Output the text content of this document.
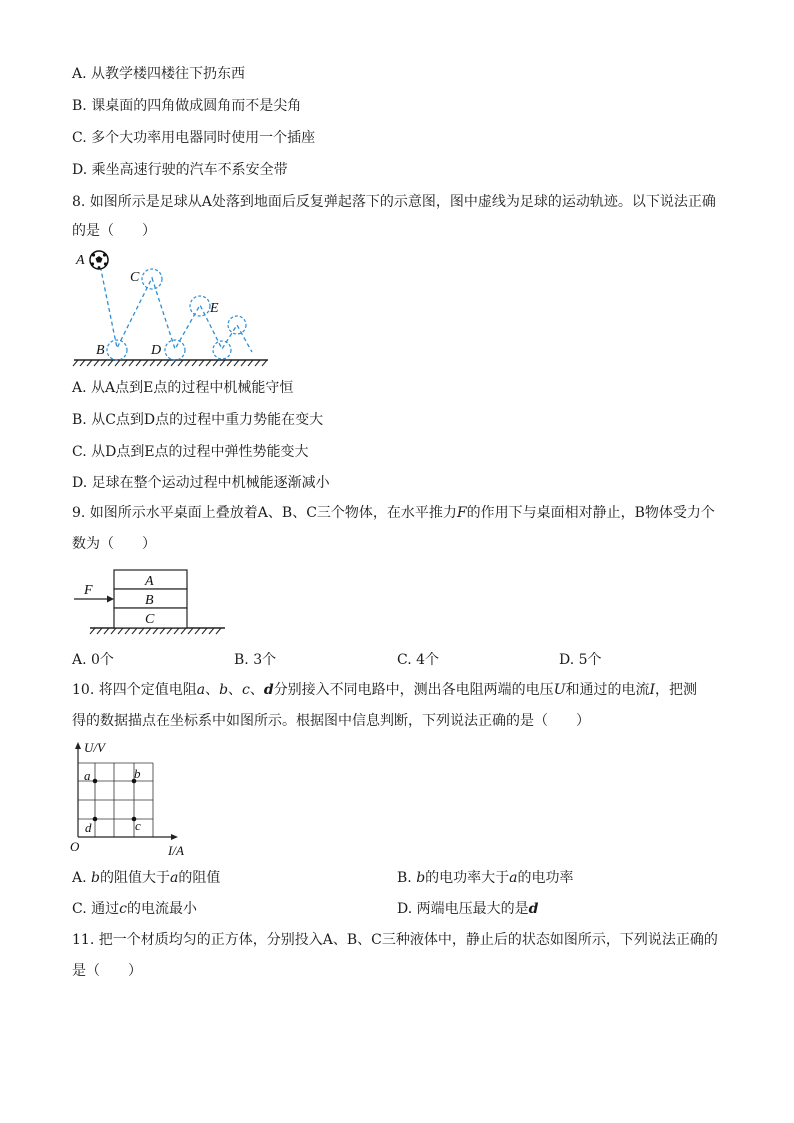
A. 从教学楼四楼往下扔东西
B. 课桌面的四角做成圆角而不是尖角
C. 多个大功率用电器同时使用一个插座
D. 乘坐高速行驶的汽车不系安全带
8. 如图所示是足球从A处落到地面后反复弹起落下的示意图，图中虚线为足球的运动轨迹。以下说法正确
的是（　　）
A
C
E
B	D
A. 从A点到E点的过程中机械能守恒
B. 从C点到D点的过程中重力势能在变大
C. 从D点到E点的过程中弹性势能变大
D. 足球在整个运动过程中机械能逐渐减小
9. 如图所示水平桌面上叠放着A、B、C三个物体，在水平推力F的作用下与桌面相对静止，B物体受力个
数为（　　）
F
A
B
C
A. 0个	B. 3个	C. 4个	D. 5个
10. 将四个定值电阻a、b、c、d分别接入不同电路中，测出各电阻两端的电压U和通过的电流I，把测
得的数据描点在坐标系中如图所示。根据图中信息判断，下列说法正确的是（　　）
U/V
I/A
O
a	b
d	c
A. b的阻值大于a的阻值	B. b的电功率大于a的电功率
C. 通过c的电流最小	D. 两端电压最大的是d
11. 把一个材质均匀的正方体，分别投入A、B、C三种液体中，静止后的状态如图所示，下列说法正确的
是（　　）
